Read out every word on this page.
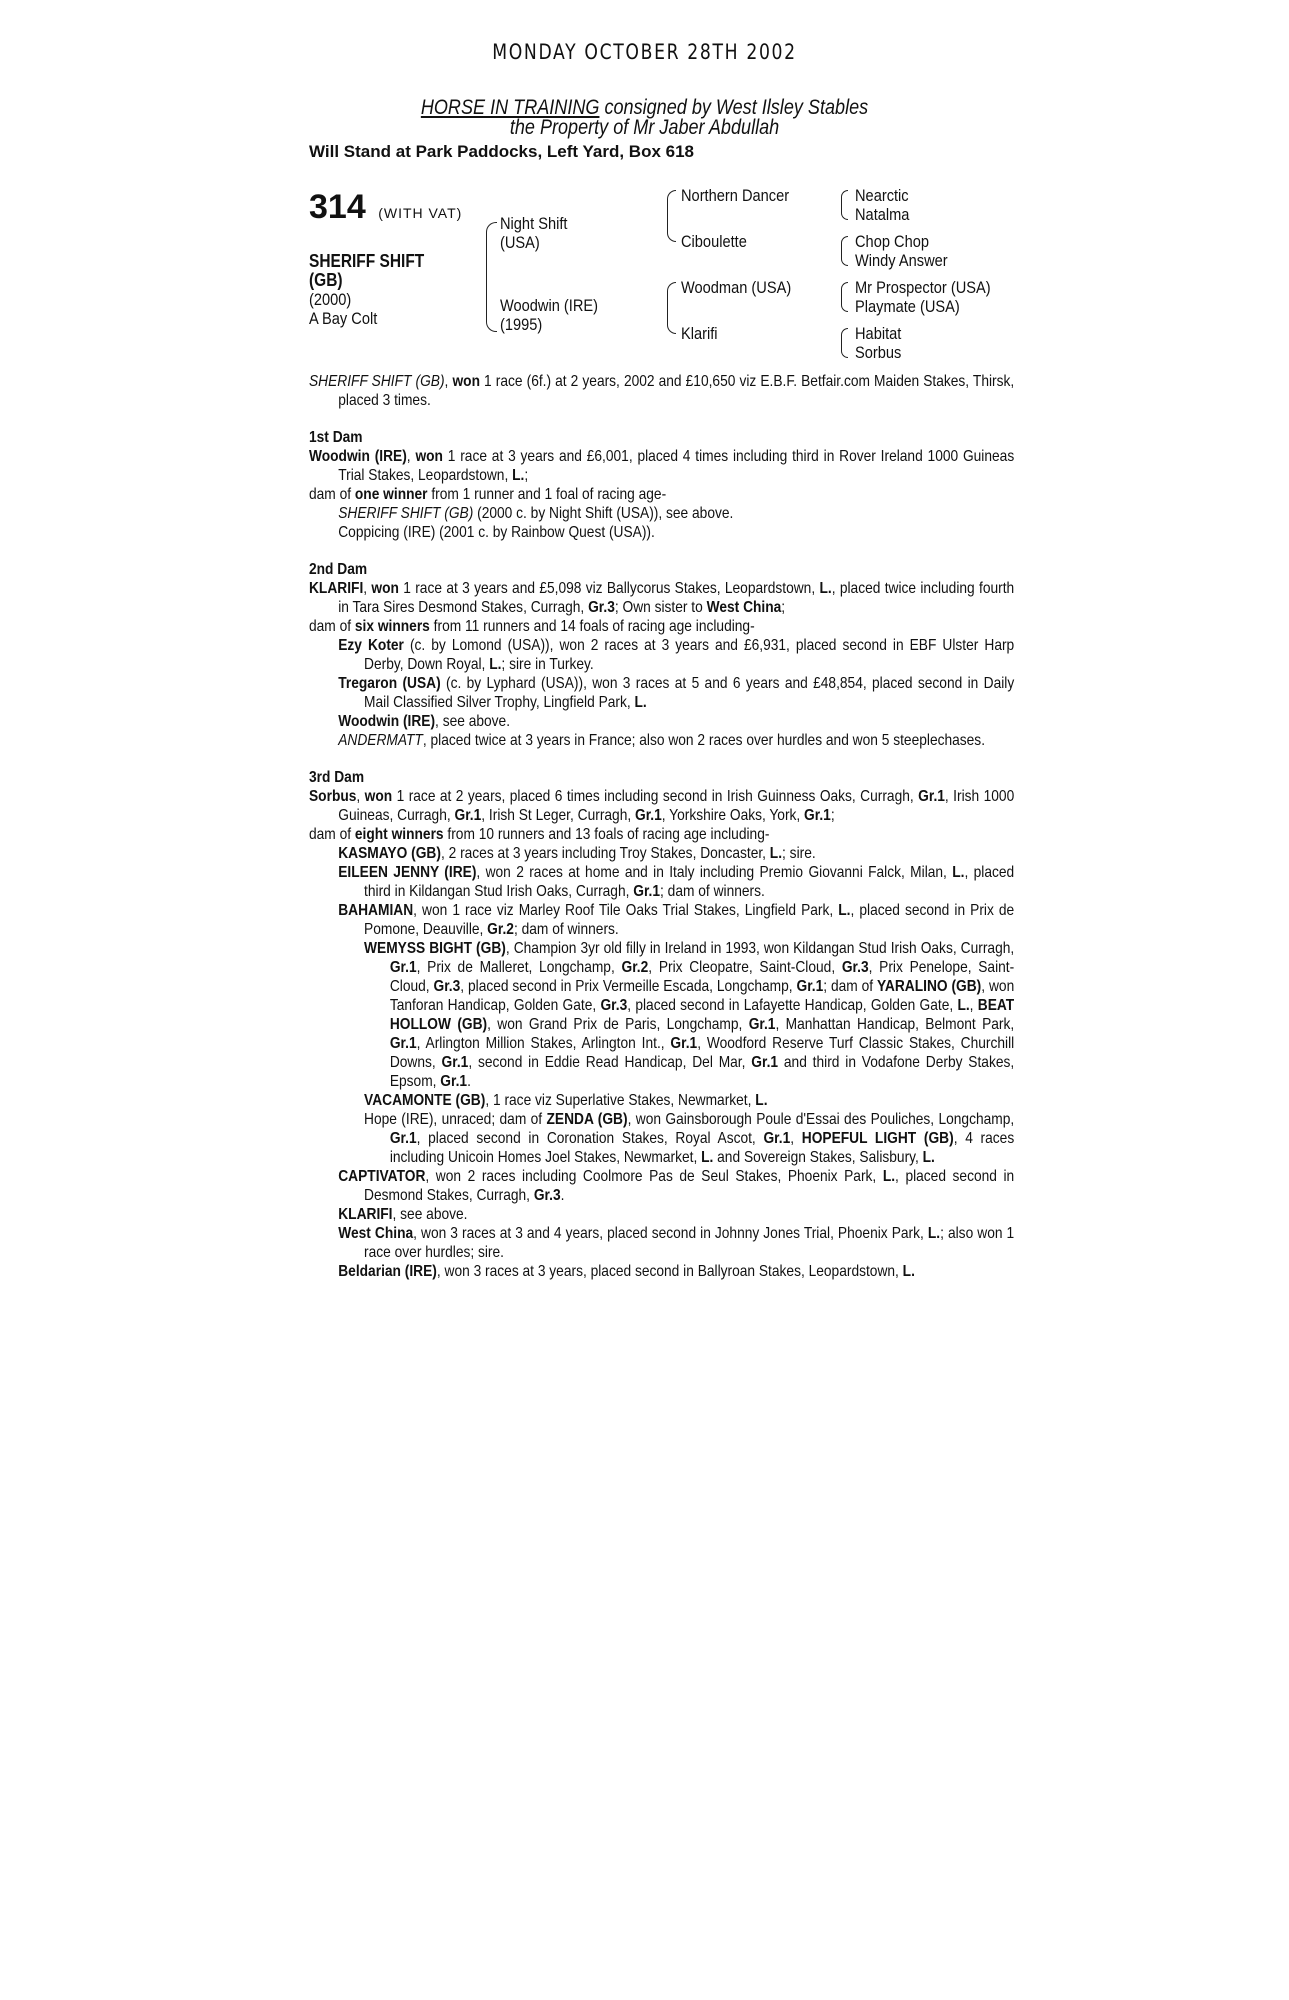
MONDAY OCTOBER 28TH 2002
HORSE IN TRAINING consigned by West Ilsley Stables
the Property of Mr Jaber Abdullah
Will Stand at Park Paddocks, Left Yard, Box 618
314 (WITH VAT)
SHERIFF SHIFT
(GB)
(2000)
A Bay Colt
Night Shift
(USA)
Woodwin (IRE)
(1995)
Northern Dancer
Ciboulette
Woodman (USA)
Klarifi
Nearctic
Natalma
Chop Chop
Windy Answer
Mr Prospector (USA)
Playmate (USA)
Habitat
Sorbus
SHERIFF SHIFT (GB), won 1 race (6f.) at 2 years, 2002 and £10,650 viz E.B.F. Betfair.com Maiden Stakes, Thirsk, placed 3 times.
1st Dam
Woodwin (IRE), won 1 race at 3 years and £6,001, placed 4 times including third in Rover Ireland 1000 Guineas Trial Stakes, Leopardstown, L.;
dam of one winner from 1 runner and 1 foal of racing age-
SHERIFF SHIFT (GB) (2000 c. by Night Shift (USA)), see above.
Coppicing (IRE) (2001 c. by Rainbow Quest (USA)).
2nd Dam
KLARIFI, won 1 race at 3 years and £5,098 viz Ballycorus Stakes, Leopardstown, L., placed twice including fourth in Tara Sires Desmond Stakes, Curragh, Gr.3; Own sister to West China;
dam of six winners from 11 runners and 14 foals of racing age including-
Ezy Koter (c. by Lomond (USA)), won 2 races at 3 years and £6,931, placed second in EBF Ulster Harp Derby, Down Royal, L.; sire in Turkey.
Tregaron (USA) (c. by Lyphard (USA)), won 3 races at 5 and 6 years and £48,854, placed second in Daily Mail Classified Silver Trophy, Lingfield Park, L.
Woodwin (IRE), see above.
ANDERMATT, placed twice at 3 years in France; also won 2 races over hurdles and won 5 steeplechases.
3rd Dam
Sorbus, won 1 race at 2 years, placed 6 times including second in Irish Guinness Oaks, Curragh, Gr.1, Irish 1000 Guineas, Curragh, Gr.1, Irish St Leger, Curragh, Gr.1, Yorkshire Oaks, York, Gr.1;
dam of eight winners from 10 runners and 13 foals of racing age including-
KASMAYO (GB), 2 races at 3 years including Troy Stakes, Doncaster, L.; sire.
EILEEN JENNY (IRE), won 2 races at home and in Italy including Premio Giovanni Falck, Milan, L., placed third in Kildangan Stud Irish Oaks, Curragh, Gr.1; dam of winners.
BAHAMIAN, won 1 race viz Marley Roof Tile Oaks Trial Stakes, Lingfield Park, L., placed second in Prix de Pomone, Deauville, Gr.2; dam of winners.
WEMYSS BIGHT (GB), Champion 3yr old filly in Ireland in 1993, won Kildangan Stud Irish Oaks, Curragh, Gr.1, Prix de Malleret, Longchamp, Gr.2, Prix Cleopatre, Saint-Cloud, Gr.3, Prix Penelope, Saint-Cloud, Gr.3, placed second in Prix Vermeille Escada, Longchamp, Gr.1; dam of YARALINO (GB), won Tanforan Handicap, Golden Gate, Gr.3, placed second in Lafayette Handicap, Golden Gate, L., BEAT HOLLOW (GB), won Grand Prix de Paris, Longchamp, Gr.1, Manhattan Handicap, Belmont Park, Gr.1, Arlington Million Stakes, Arlington Int., Gr.1, Woodford Reserve Turf Classic Stakes, Churchill Downs, Gr.1, second in Eddie Read Handicap, Del Mar, Gr.1 and third in Vodafone Derby Stakes, Epsom, Gr.1.
VACAMONTE (GB), 1 race viz Superlative Stakes, Newmarket, L.
Hope (IRE), unraced; dam of ZENDA (GB), won Gainsborough Poule d'Essai des Pouliches, Longchamp, Gr.1, placed second in Coronation Stakes, Royal Ascot, Gr.1, HOPEFUL LIGHT (GB), 4 races including Unicoin Homes Joel Stakes, Newmarket, L. and Sovereign Stakes, Salisbury, L.
CAPTIVATOR, won 2 races including Coolmore Pas de Seul Stakes, Phoenix Park, L., placed second in Desmond Stakes, Curragh, Gr.3.
KLARIFI, see above.
West China, won 3 races at 3 and 4 years, placed second in Johnny Jones Trial, Phoenix Park, L.; also won 1 race over hurdles; sire.
Beldarian (IRE), won 3 races at 3 years, placed second in Ballyroan Stakes, Leopardstown, L.
